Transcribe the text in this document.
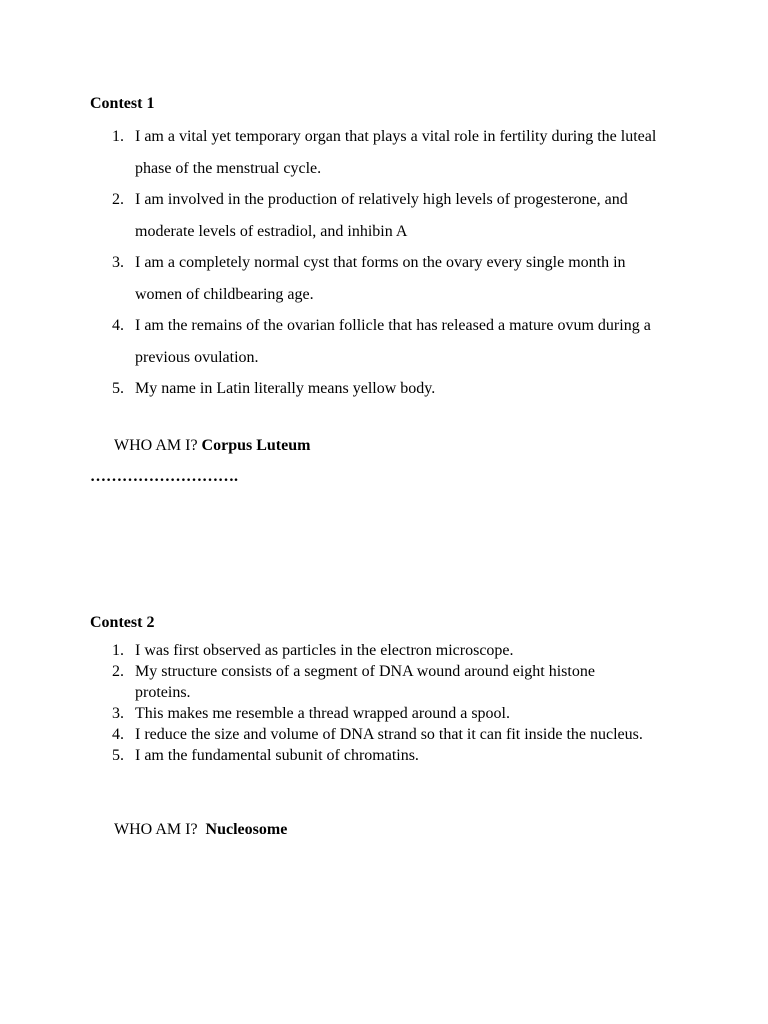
Contest 1

1. I am a vital yet temporary organ that plays a vital role in fertility during the luteal phase of the menstrual cycle.
2. I am involved in the production of relatively high levels of progesterone, and moderate levels of estradiol, and inhibin A
3. I am a completely normal cyst that forms on the ovary every single month in women of childbearing age.
4. I am the remains of the ovarian follicle that has released a mature ovum during a previous ovulation.
5. My name in Latin literally means yellow body.

WHO AM I? Corpus Luteum

……………………….

Contest 2

1. I was first observed as particles in the electron microscope.
2. My structure consists of a segment of DNA wound around eight histone proteins.
3. This makes me resemble a thread wrapped around a spool.
4. I reduce the size and volume of DNA strand so that it can fit inside the nucleus.
5. I am the fundamental subunit of chromatins.

WHO AM I?  Nucleosome
